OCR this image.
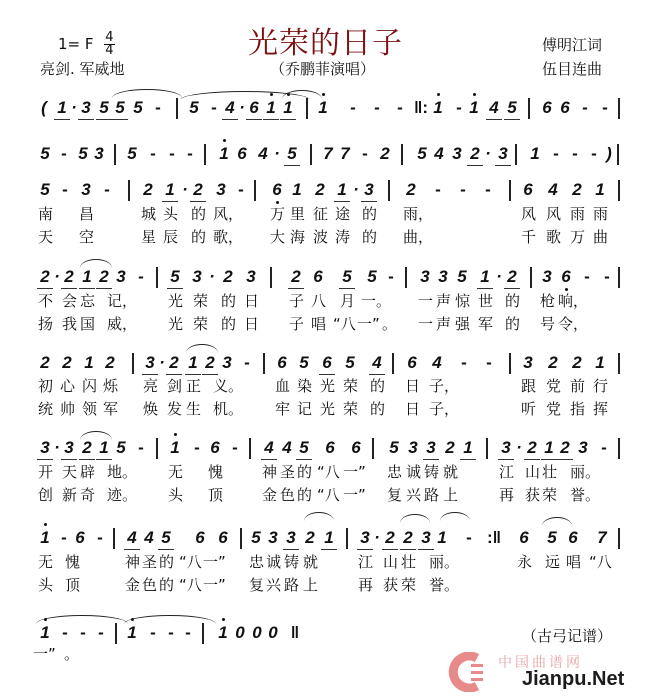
1= F $\frac{4}{4}$	光荣的日子
（乔鹏菲演唱）
亮剑. 军威地
傅明江词
伍目连曲
( 1 · 3 5 5 5 - 5 - 4 · 6 1 1 1 - - - ‖: 1 - 1 4 5 6 6 - -
5 - 5 3 5 - - - 1 6 4 · 5 7 7 - 2 5 4 3 2 · 3 1 - - - )
5 - 3 - 2 1 · 2 3 - 6 1 2 1 · 3 2 - - - 6 4 2 1
南 昌	城 头 的 风， 万 里 征 途 的 雨，	风 风 雨 雨
天 空	星 辰 的 歌， 大 海 波 涛 的 曲，	千 歌 万 曲
2 · 2 1 2 3 - 5 3 · 2 3 2 6 5 5 - 3 3 5 1 · 2 3 6 - -
不 会 忘 记， 光 荣 的 日 子 八 月 一。 一 声 惊 世 的 枪 响，
扬 我 国 威， 光 荣 的 日 子 唱 “八 一” 。 一 声 强 军 的 号 令，
2 2 1 2 3 · 2 1 2 3 - 6 5 6 5 4 6 4 - - 3 2 2 1
初 心 闪 烁 亮 剑 正 义。 血 染 光 荣 的 日 子，	跟 党 前 行
统 帅 领 军 焕 发 生 机。 牢 记 光 荣 的 日 子，	听 党 指 挥
3 · 3 2 1 5 - 1 - 6 - 4 4 5 6 6 5 3 3 2 1 3 · 2 1 2 3 -
开 天 辟 地。 无 愧	神 圣 的 “八 一”	忠 诚 铸 就	江 山 壮 丽。
创 新 奇 迹。 头 顶	金 色 的 “八 一”	复 兴 路 上	再 获 荣 誉。
1 - 6 - 4 4 5 6 6 5 3 3 2 1 3 · 2 2 3 1 - :‖ 6 5 6 7
无 愧	神 圣 的 “八 一”	忠 诚 铸 就	江 山 壮 丽。	永 远 唱 “八
头 顶	金 色 的 “八 一”	复 兴 路 上	再 获 荣 誉。
1 - - - 1 - - - 1 0 0 0 ‖
一” 。
（古弓记谱）
中国曲谱网
Jianpu.Net
